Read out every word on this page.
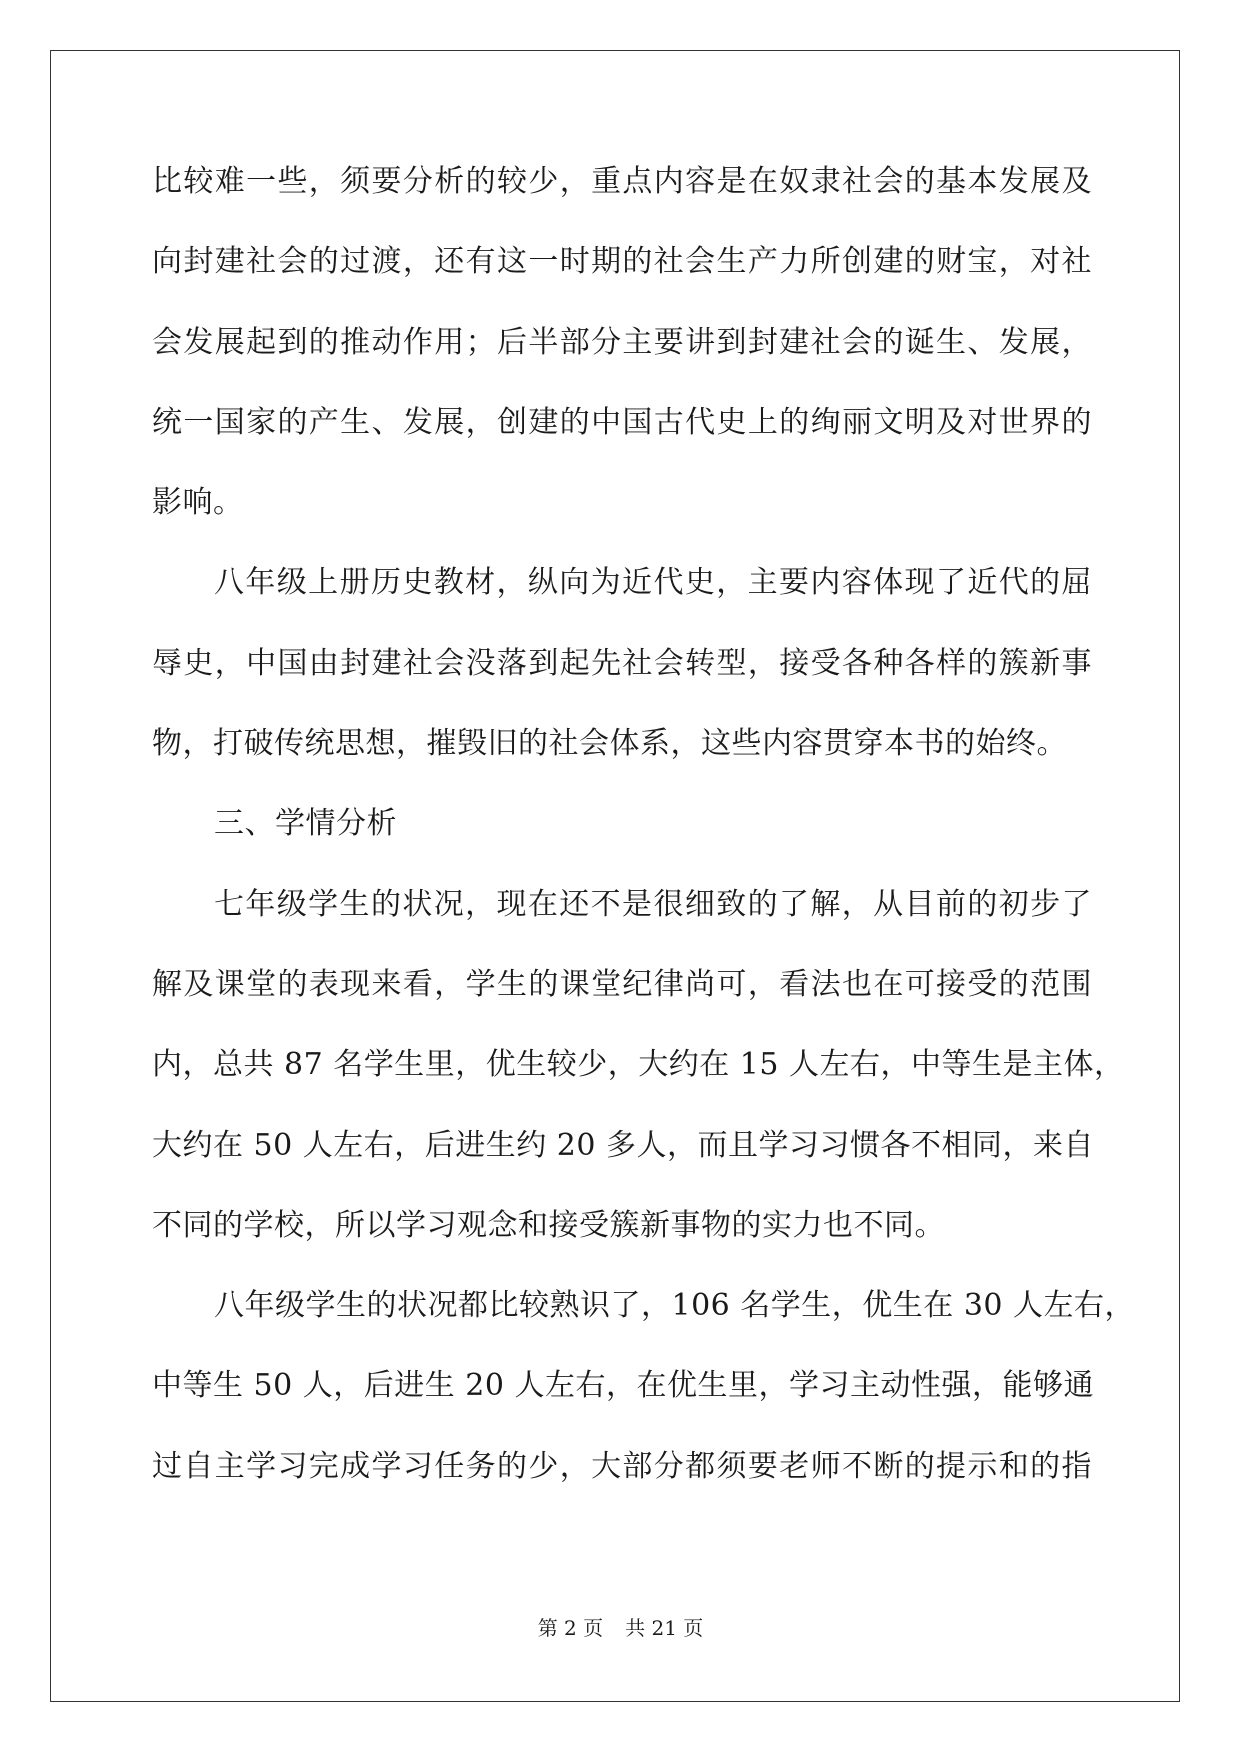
比较难一些，须要分析的较少，重点内容是在奴隶社会的基本发展及
向封建社会的过渡，还有这一时期的社会生产力所创建的财宝，对社
会发展起到的推动作用；后半部分主要讲到封建社会的诞生、发展，
统一国家的产生、发展，创建的中国古代史上的绚丽文明及对世界的
影响。
八年级上册历史教材，纵向为近代史，主要内容体现了近代的屈
辱史，中国由封建社会没落到起先社会转型，接受各种各样的簇新事
物，打破传统思想，摧毁旧的社会体系，这些内容贯穿本书的始终。
三、学情分析
七年级学生的状况，现在还不是很细致的了解，从目前的初步了
解及课堂的表现来看，学生的课堂纪律尚可，看法也在可接受的范围
内，总共 87 名学生里，优生较少，大约在 15 人左右，中等生是主体，
大约在 50 人左右，后进生约 20 多人，而且学习习惯各不相同，来自
不同的学校，所以学习观念和接受簇新事物的实力也不同。
八年级学生的状况都比较熟识了，106 名学生，优生在 30 人左右，
中等生 50 人，后进生 20 人左右，在优生里，学习主动性强，能够通
过自主学习完成学习任务的少，大部分都须要老师不断的提示和的指
第 2 页 共 21 页
